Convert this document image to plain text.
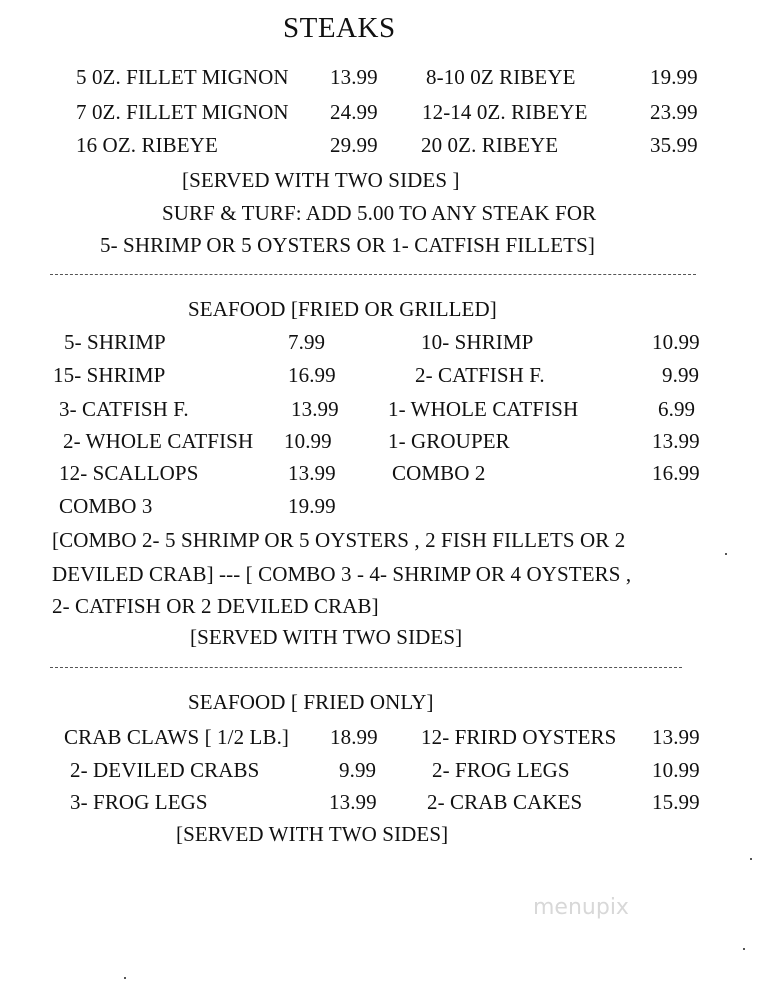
STEAKS
5 0Z. FILLET MIGNON 13.99 8-10 0Z RIBEYE	19.99
7 0Z. FILLET MIGNON 24.99 12-14 0Z. RIBEYE	23.99
16 OZ. RIBEYE	29.99 20 0Z. RIBEYE	35.99
[SERVED WITH TWO SIDES ]
SURF & TURF: ADD 5.00 TO ANY STEAK FOR
5- SHRIMP OR 5 OYSTERS OR 1- CATFISH FILLETS]
SEAFOOD [FRIED OR GRILLED]
5- SHRIMP	7.99	10- SHRIMP	10.99
15- SHRIMP	16.99	2- CATFISH F.	9.99
3- CATFISH F.	13.99 1- WHOLE CATFISH	6.99
2- WHOLE CATFISH 10.99	1- GROUPER	13.99
12- SCALLOPS	13.99	COMBO 2	16.99
COMBO 3	19.99
[COMBO 2- 5 SHRIMP OR 5 OYSTERS , 2 FISH FILLETS OR 2
DEVILED CRAB] --- [ COMBO 3 - 4- SHRIMP OR 4 OYSTERS ,
2- CATFISH OR 2 DEVILED CRAB]
[SERVED WITH TWO SIDES]
SEAFOOD [ FRIED ONLY]
CRAB CLAWS [ 1/2 LB.] 18.99 12- FRIRD OYSTERS 13.99
2- DEVILED CRABS	9.99	2- FROG LEGS	10.99
3- FROG LEGS	13.99 2- CRAB CAKES	15.99
[SERVED WITH TWO SIDES]
menupix
